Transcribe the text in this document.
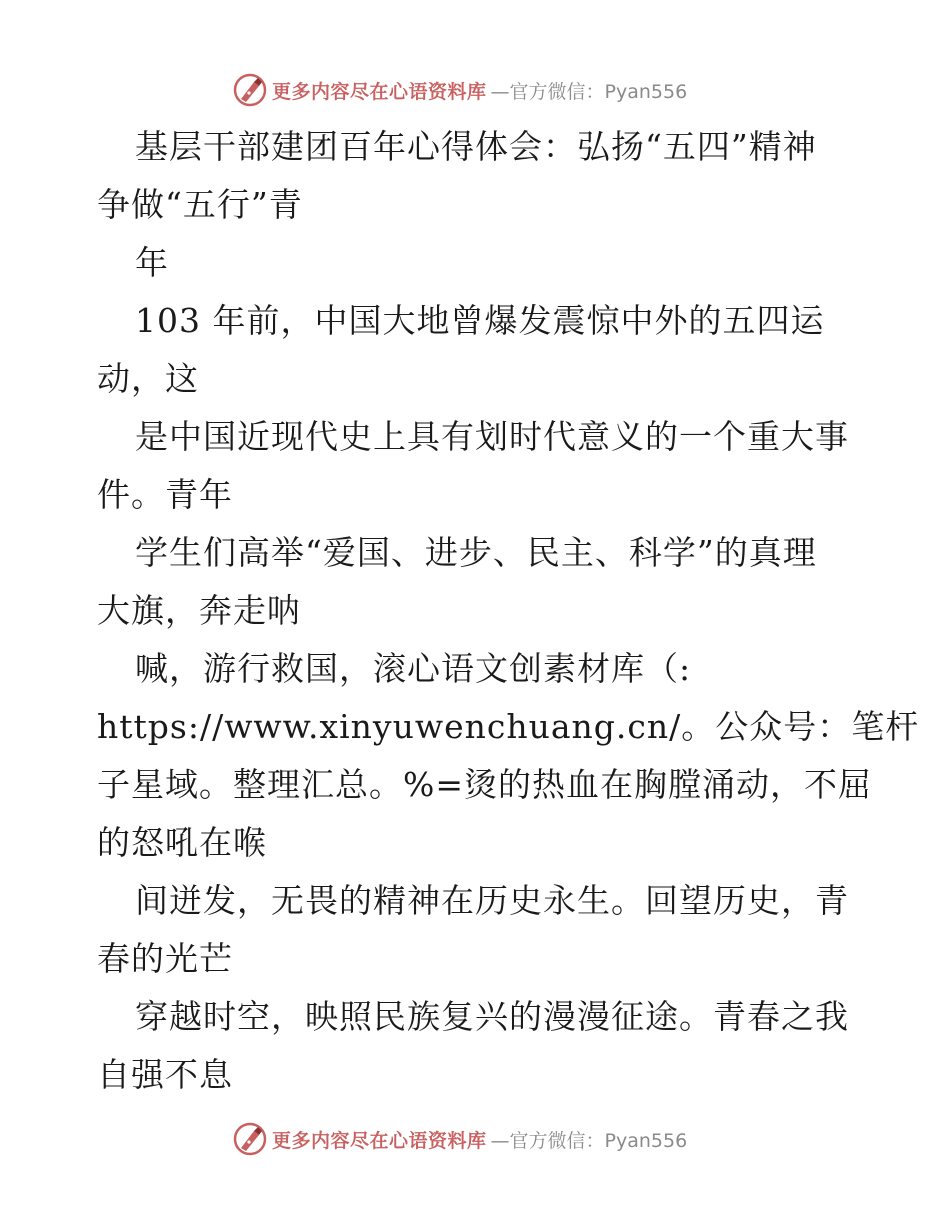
更多内容尽在心语资料库 —官方微信：Pyan556
基层干部建团百年心得体会：弘扬“五四”精神
争做“五行”青
年
103 年前，中国大地曾爆发震惊中外的五四运
动，这
是中国近现代史上具有划时代意义的一个重大事
件。青年
学生们高举“爱国、进步、民主、科学”的真理
大旗，奔走呐
喊，游行救国，滚心语文创素材库（:
https://www.xinyuwenchuang.cn/。公众号：笔杆
子星域。整理汇总。%=烫的热血在胸膛涌动，不屈
的怒吼在喉
间迸发，无畏的精神在历史永生。回望历史，青
春的光芒
穿越时空，映照民族复兴的漫漫征途。青春之我
自强不息
更多内容尽在心语资料库 —官方微信：Pyan556
